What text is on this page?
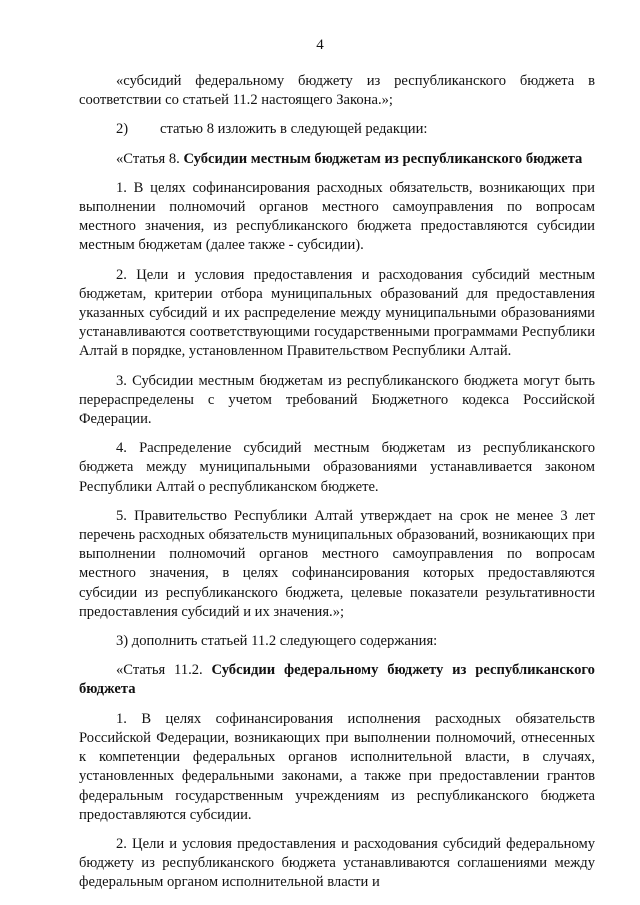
4

«субсидий федеральному бюджету из республиканского бюджета в соответствии со статьей 11.2 настоящего Закона.»;

2) статью 8 изложить в следующей редакции:

«Статья 8. Субсидии местным бюджетам из республиканского бюджета

1. В целях софинансирования расходных обязательств, возникающих при выполнении полномочий органов местного самоуправления по вопросам местного значения, из республиканского бюджета предоставляются субсидии местным бюджетам (далее также - субсидии).

2. Цели и условия предоставления и расходования субсидий местным бюджетам, критерии отбора муниципальных образований для предоставления указанных субсидий и их распределение между муниципальными образованиями устанавливаются соответствующими государственными программами Республики Алтай в порядке, установленном Правительством Республики Алтай.

3. Субсидии местным бюджетам из республиканского бюджета могут быть перераспределены с учетом требований Бюджетного кодекса Российской Федерации.

4. Распределение субсидий местным бюджетам из республиканского бюджета между муниципальными образованиями устанавливается законом Республики Алтай о республиканском бюджете.

5. Правительство Республики Алтай утверждает на срок не менее 3 лет перечень расходных обязательств муниципальных образований, возникающих при выполнении полномочий органов местного самоуправления по вопросам местного значения, в целях софинансирования которых предоставляются субсидии из республиканского бюджета, целевые показатели результативности предоставления субсидий и их значения.»;

3) дополнить статьей 11.2 следующего содержания:

«Статья 11.2. Субсидии федеральному бюджету из республиканского бюджета

1. В целях софинансирования исполнения расходных обязательств Российской Федерации, возникающих при выполнении полномочий, отнесенных к компетенции федеральных органов исполнительной власти, в случаях, установленных федеральными законами, а также при предоставлении грантов федеральным государственным учреждениям из республиканского бюджета предоставляются субсидии.

2. Цели и условия предоставления и расходования субсидий федеральному бюджету из республиканского бюджета устанавливаются соглашениями между федеральным органом исполнительной власти и
